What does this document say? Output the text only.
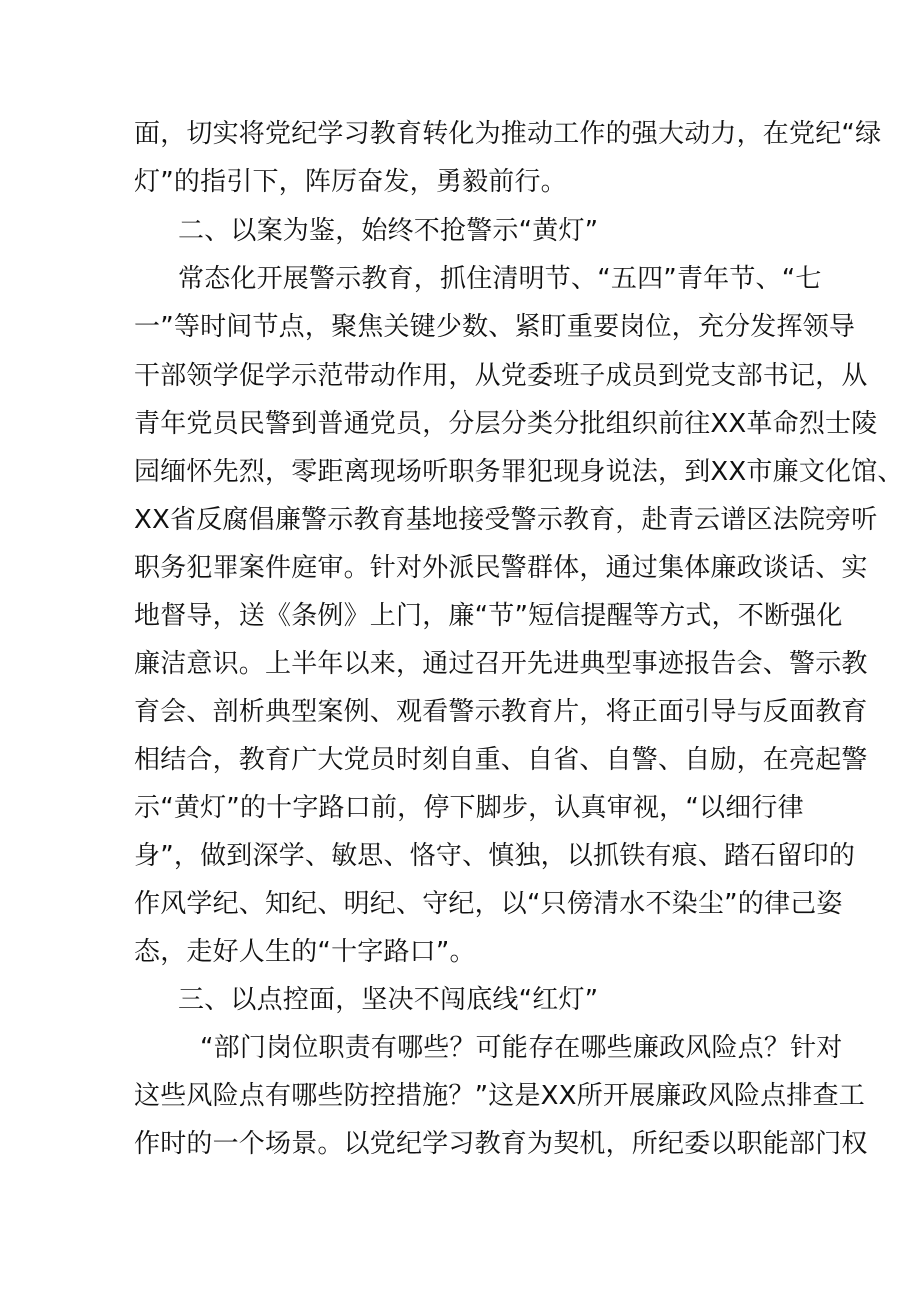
面，切实将党纪学习教育转化为推动工作的强大动力，在党纪“绿
灯”的指引下，阵厉奋发，勇毅前行。
二、以案为鉴，始终不抢警示“黄灯”
常态化开展警示教育，抓住清明节、“五四”青年节、“七
一”等时间节点，聚焦关键少数、紧盯重要岗位，充分发挥领导
干部领学促学示范带动作用，从党委班子成员到党支部书记，从
青年党员民警到普通党员，分层分类分批组织前往XX革命烈士陵
园缅怀先烈，零距离现场听职务罪犯现身说法，到XX市廉文化馆、
XX省反腐倡廉警示教育基地接受警示教育，赴青云谱区法院旁听
职务犯罪案件庭审。针对外派民警群体，通过集体廉政谈话、实
地督导，送《条例》上门，廉“节”短信提醒等方式，不断强化
廉洁意识。上半年以来，通过召开先进典型事迹报告会、警示教
育会、剖析典型案例、观看警示教育片，将正面引导与反面教育
相结合，教育广大党员时刻自重、自省、自警、自励，在亮起警
示“黄灯”的十字路口前，停下脚步，认真审视，“以细行律
身”，做到深学、敏思、恪守、慎独，以抓铁有痕、踏石留印的
作风学纪、知纪、明纪、守纪，以“只傍清水不染尘”的律己姿
态，走好人生的“十字路口”。
三、以点控面，坚决不闯底线“红灯”
“部门岗位职责有哪些？可能存在哪些廉政风险点？针对
这些风险点有哪些防控措施？”这是XX所开展廉政风险点排查工
作时的一个场景。以党纪学习教育为契机，所纪委以职能部门权
